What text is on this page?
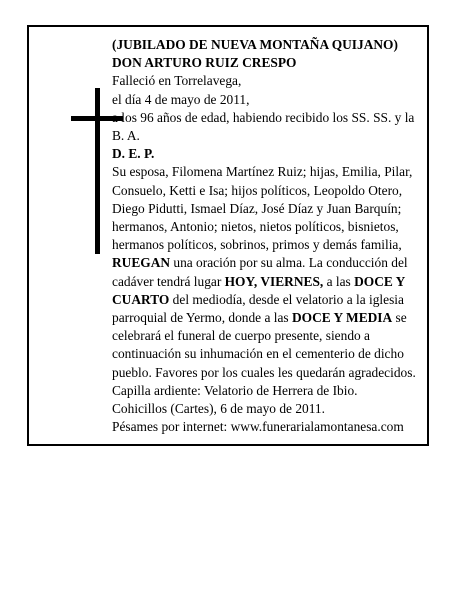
(JUBILADO DE NUEVA MONTAÑA QUIJANO)

DON ARTURO RUIZ CRESPO

Falleció en Torrelavega,

el día 4 de mayo de 2011,

a los 96 años de edad, habiendo recibido los SS. SS. y la B. A.

D. E. P.

Su esposa, Filomena Martínez Ruiz; hijas, Emilia, Pilar, Consuelo, Ketti e Isa; hijos políticos, Leopoldo Otero, Diego Pidutti, Ismael Díaz, José Díaz y Juan Barquín; hermanos, Antonio; nietos, nietos políticos, bisnietos, hermanos políticos, sobrinos, primos y demás familia,

RUEGAN una oración por su alma. La conducción del cadáver tendrá lugar HOY, VIERNES, a las DOCE Y CUARTO del mediodía, desde el velatorio a la iglesia parroquial de Yermo, donde a las DOCE Y MEDIA se celebrará el funeral de cuerpo presente, siendo a continuación su inhumación en el cementerio de dicho pueblo. Favores por los cuales les quedarán agradecidos. Capilla ardiente: Velatorio de Herrera de Ibio.

Cohicillos (Cartes), 6 de mayo de 2011.

Pésames por internet: www.funerarialamontanesa.com
